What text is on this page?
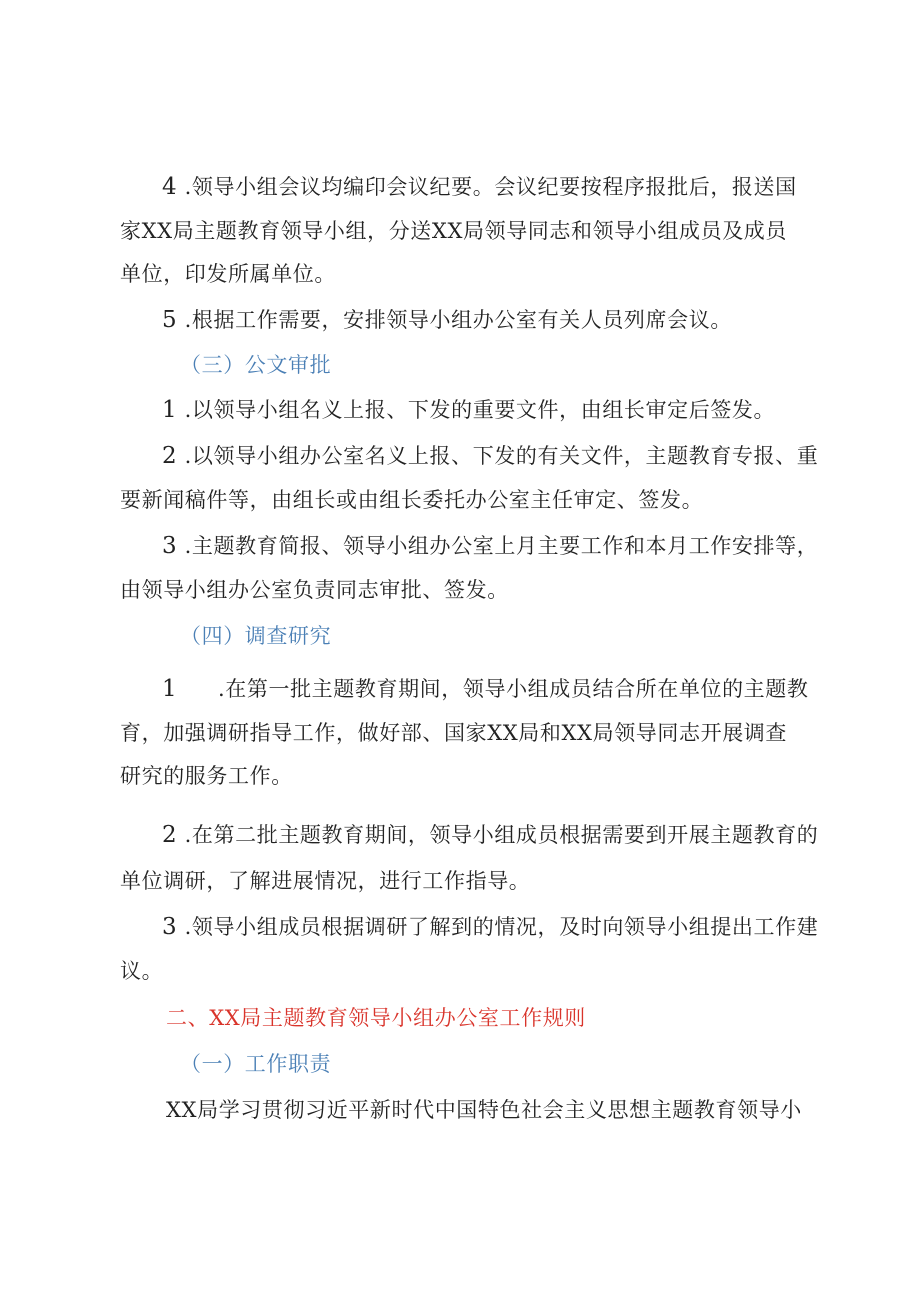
4 .领导小组会议均编印会议纪要。会议纪要按程序报批后，报送国

家XX局主题教育领导小组，分送XX局领导同志和领导小组成员及成员

单位，印发所属单位。

5 .根据工作需要，安排领导小组办公室有关人员列席会议。

（三）公文审批

1 .以领导小组名义上报、下发的重要文件，由组长审定后签发。

2 .以领导小组办公室名义上报、下发的有关文件，主题教育专报、重

要新闻稿件等，由组长或由组长委托办公室主任审定、签发。

3 .主题教育简报、领导小组办公室上月主要工作和本月工作安排等，

由领导小组办公室负责同志审批、签发。

（四）调查研究

1 .在第一批主题教育期间，领导小组成员结合所在单位的主题教

育，加强调研指导工作，做好部、国家XX局和XX局领导同志开展调查

研究的服务工作。

2 .在第二批主题教育期间，领导小组成员根据需要到开展主题教育的

单位调研，了解进展情况，进行工作指导。

3 .领导小组成员根据调研了解到的情况，及时向领导小组提出工作建

议。

二、XX局主题教育领导小组办公室工作规则

（一）工作职责

XX局学习贯彻习近平新时代中国特色社会主义思想主题教育领导小
